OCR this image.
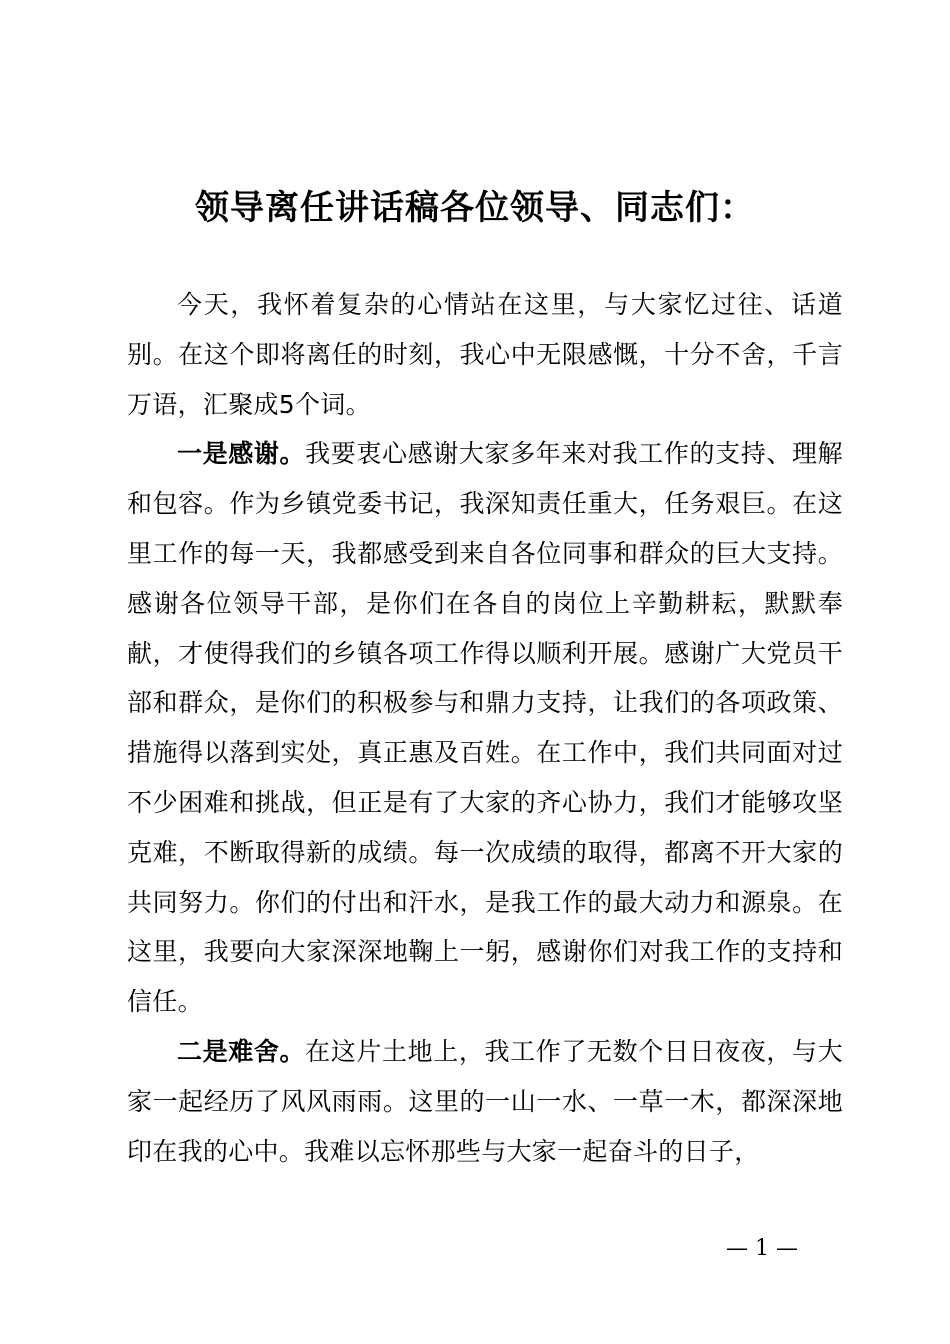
领导离任讲话稿各位领导、同志们：

今天，我怀着复杂的心情站在这里，与大家忆过往、话道别。在这个即将离任的时刻，我心中无限感慨，十分不舍，千言万语，汇聚成5个词。

一是感谢。我要衷心感谢大家多年来对我工作的支持、理解和包容。作为乡镇党委书记，我深知责任重大，任务艰巨。在这里工作的每一天，我都感受到来自各位同事和群众的巨大支持。感谢各位领导干部，是你们在各自的岗位上辛勤耕耘，默默奉献，才使得我们的乡镇各项工作得以顺利开展。感谢广大党员干部和群众，是你们的积极参与和鼎力支持，让我们的各项政策、措施得以落到实处，真正惠及百姓。在工作中，我们共同面对过不少困难和挑战，但正是有了大家的齐心协力，我们才能够攻坚克难，不断取得新的成绩。每一次成绩的取得，都离不开大家的共同努力。你们的付出和汗水，是我工作的最大动力和源泉。在这里，我要向大家深深地鞠上一躬，感谢你们对我工作的支持和信任。

二是难舍。在这片土地上，我工作了无数个日日夜夜，与大家一起经历了风风雨雨。这里的一山一水、一草一木，都深深地印在我的心中。我难以忘怀那些与大家一起奋斗的日子，

— 1 —
